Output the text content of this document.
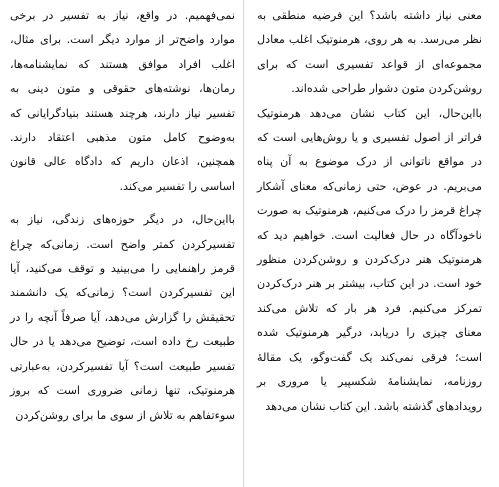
معنی نیاز داشته باشد؟ این فرضیه منطقی به نظر می‌رسد. به هر روی، هرمنوتیک اغلب معادل مجموعه‌ای از قواعد تفسیری است که برای روشن‌کردن متون دشوار طراحی شده‌اند.

بااین‌حال، این کتاب نشان می‌دهد هرمنوتیک فراتر از اصول تفسیری و یا روش‌هایی است که در مواقع ناتوانی از درک موضوع به آن پناه می‌بریم. در عوض، حتی زمانی‌که معنای آشکار چراغ قرمز را درک می‌کنیم، هرمنوتیک به صورت ناخودآگاه در حال فعالیت است. خواهیم دید که هرمنوتیک هنر درک‌کردن و روشن‌کردن منظور خود است. در این کتاب، بیشتر بر هنر درک‌کردن تمرکز می‌کنیم. فرد هر بار که تلاش می‌کند معنای چیزی را دریابد، درگیر هرمنوتیک شده است؛ فرقی نمی‌کند یک گفت‌وگو، یک مقالهٔ روزنامه، نمایشنامهٔ شکسپیر یا مروری بر رویدادهای گذشته باشد. این کتاب نشان می‌دهد

نمی‌فهمیم. در واقع، نیاز به تفسیر در برخی موارد واضح‌تر از موارد دیگر است. برای مثال، اغلب افراد موافق هستند که نمایشنامه‌ها، رمان‌ها، نوشته‌های حقوقی و متون دینی به تفسیر نیاز دارند، هرچند هستند بنیادگرایانی که به‌وضوح کامل متون مذهبی اعتقاد دارند. همچنین، اذعان داریم که دادگاه عالی قانون اساسی را تفسیر می‌کند.

بااین‌حال، در دیگر حوزه‌های زندگی، نیاز به تفسیرکردن کمتر واضح است. زمانی‌که چراغ قرمز راهنمایی را می‌بینید و توقف می‌کنید، آیا این تفسیرکردن است؟ زمانی‌که یک دانشمند تحقیقش را گزارش می‌دهد، آیا صرفاً آنچه را در طبیعت رخ داده است، توضیح می‌دهد یا در حال تفسیر طبیعت است؟ آیا تفسیرکردن، به‌عبارتی هرمنوتیک، تنها زمانی ضروری است که بروز سوءتفاهم به تلاش از سوی ما برای روشن‌کردن
